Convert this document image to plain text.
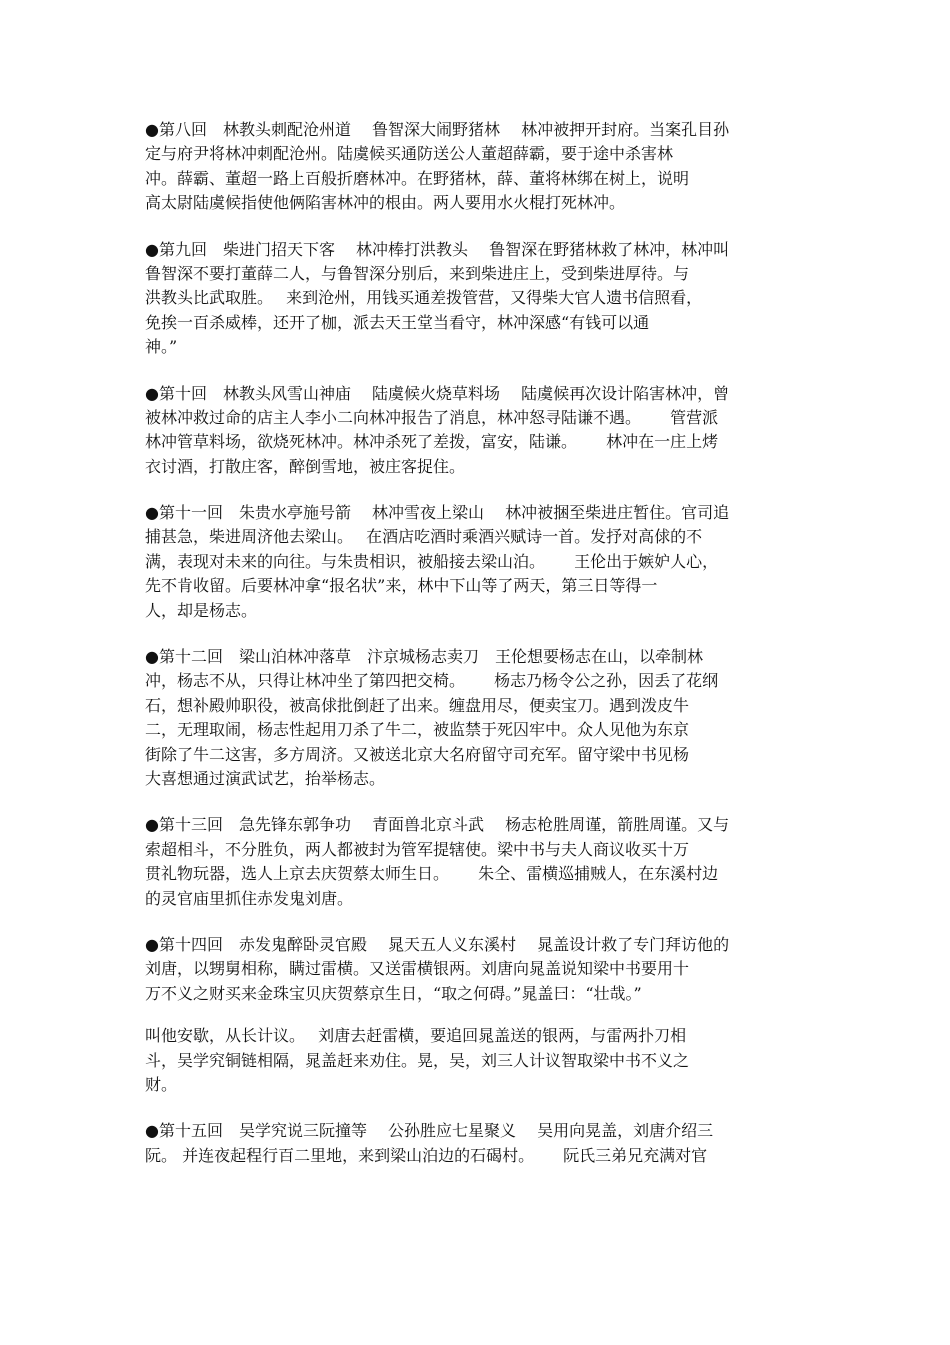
●第八回　林教头刺配沧州道　 鲁智深大闹野猪林　 林冲被押开封府。当案孔目孙
定与府尹将林冲刺配沧州。陆虞候买通防送公人董超薛霸，要于途中杀害林
冲。薛霸、董超一路上百般折磨林冲。在野猪林，薛、董将林绑在树上，说明
高太尉陆虞候指使他俩陷害林冲的根由。两人要用水火棍打死林冲。
●第九回　柴进门招天下客　 林冲棒打洪教头　 鲁智深在野猪林救了林冲，林冲叫
鲁智深不要打董薛二人，与鲁智深分别后，来到柴进庄上，受到柴进厚待。与
洪教头比武取胜。　 来到沧州，用钱买通差拨管营，又得柴大官人遗书信照看，
免挨一百杀威棒，还开了枷，派去天王堂当看守，林冲深感“有钱可以通
神。”
●第十回　林教头风雪山神庙　 陆虞候火烧草料场　 陆虞候再次设计陷害林冲，曾
被林冲救过命的店主人李小二向林冲报告了消息，林冲怒寻陆谦不遇。　　 管营派
林冲管草料场，欲烧死林冲。林冲杀死了差拨，富安，陆谦。　　 林冲在一庄上烤
衣讨酒，打散庄客，醉倒雪地，被庄客捉住。
●第十一回　朱贵水亭施号箭　 林冲雪夜上梁山　 林冲被捆至柴进庄暂住。官司追
捕甚急，柴进周济他去梁山。　 在酒店吃酒时乘酒兴赋诗一首。发抒对高俅的不
满，表现对未来的向往。与朱贵相识，被船接去梁山泊。　　 王伦出于嫉妒人心，
先不肯收留。后要林冲拿“报名状”来，林中下山等了两天，第三日等得一
人，却是杨志。
●第十二回　梁山泊林冲落草　汴京城杨志卖刀　王伦想要杨志在山，以牵制林
冲，杨志不从，只得让林冲坐了第四把交椅。　　 杨志乃杨令公之孙，因丢了花纲
石，想补殿帅职役，被高俅批倒赶了出来。缠盘用尽，便卖宝刀。遇到泼皮牛
二，无理取闹，杨志性起用刀杀了牛二，被监禁于死囚牢中。众人见他为东京
街除了牛二这害，多方周济。又被送北京大名府留守司充军。留守梁中书见杨
大喜想通过演武试艺，抬举杨志。
●第十三回　急先锋东郭争功　 青面兽北京斗武　 杨志枪胜周谨，箭胜周谨。又与
索超相斗，不分胜负，两人都被封为管军提辖使。梁中书与夫人商议收买十万
贯礼物玩器，选人上京去庆贺蔡太师生日。　　 朱仝、雷横巡捕贼人，在东溪村边
的灵官庙里抓住赤发鬼刘唐。
●第十四回　赤发鬼醉卧灵官殿　 晁天五人义东溪村　 晁盖设计救了专门拜访他的
刘唐，以甥舅相称，瞒过雷横。又送雷横银两。刘唐向晁盖说知梁中书要用十
万不义之财买来金珠宝贝庆贺蔡京生日，“取之何碍。”晁盖曰：“壮哉。”
叫他安歇，从长计议。　 刘唐去赶雷横，要追回晁盖送的银两，与雷两扑刀相
斗，吴学究铜链相隔，晁盖赶来劝住。晃，吴，刘三人计议智取梁中书不义之
财。
●第十五回　吴学究说三阮撞等　 公孙胜应七星聚义　 吴用向晃盖，刘唐介绍三
阮。 并连夜起程行百二里地，来到梁山泊边的石碣村。　　 阮氏三弟兄充满对官
